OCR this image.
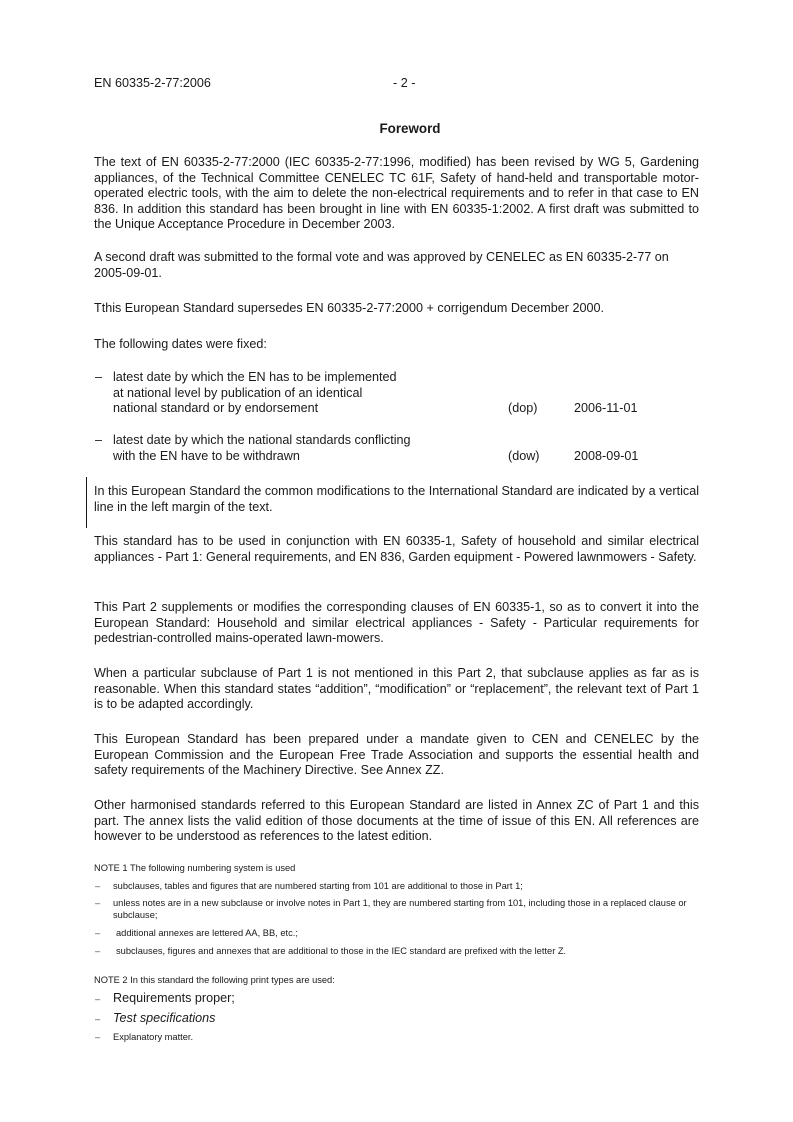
EN 60335-2-77:2006	- 2 -
Foreword

The text of EN 60335-2-77:2000 (IEC 60335-2-77:1996, modified) has been revised by WG 5, Gardening appliances, of the Technical Committee CENELEC TC 61F, Safety of hand-held and transportable motor-operated electric tools, with the aim to delete the non-electrical requirements and to refer in that case to EN 836. In addition this standard has been brought in line with EN 60335-1:2002. A first draft was submitted to the Unique Acceptance Procedure in December 2003.

A second draft was submitted to the formal vote and was approved by CENELEC as EN 60335-2-77 on 2005-09-01.

Tthis European Standard supersedes EN 60335-2-77:2000 + corrigendum December 2000.

The following dates were fixed:

– latest date by which the EN has to be implemented
at national level by publication of an identical
national standard or by endorsement	(dop)	2006-11-01
– latest date by which the national standards conflicting
with the EN have to be withdrawn	(dow)	2008-09-01

In this European Standard the common modifications to the International Standard are indicated by a vertical line in the left margin of the text.

This standard has to be used in conjunction with EN 60335-1, Safety of household and similar electrical appliances - Part 1: General requirements, and EN 836, Garden equipment - Powered lawnmowers - Safety.

This Part 2 supplements or modifies the corresponding clauses of EN 60335-1, so as to convert it into the European Standard: Household and similar electrical appliances - Safety - Particular requirements for pedestrian-controlled mains-operated lawn-mowers.

When a particular subclause of Part 1 is not mentioned in this Part 2, that subclause applies as far as is reasonable. When this standard states “addition”, “modification” or “replacement”, the relevant text of Part 1 is to be adapted accordingly.

This European Standard has been prepared under a mandate given to CEN and CENELEC by the European Commission and the European Free Trade Association and supports the essential health and safety requirements of the Machinery Directive. See Annex ZZ.

Other harmonised standards referred to this European Standard are listed in Annex ZC of Part 1 and this part. The annex lists the valid edition of those documents at the time of issue of this EN. All references are however to be understood as references to the latest edition.

NOTE 1 The following numbering system is used
– subclauses, tables and figures that are numbered starting from 101 are additional to those in Part 1;
– unless notes are in a new subclause or involve notes in Part 1, they are numbered starting from 101, including those in a replaced clause or subclause;
– additional annexes are lettered AA, BB, etc.;
– subclauses, figures and annexes that are additional to those in the IEC standard are prefixed with the letter Z.
NOTE 2 In this standard the following print types are used:
– Requirements proper;
– Test specifications
– Explanatory matter.
